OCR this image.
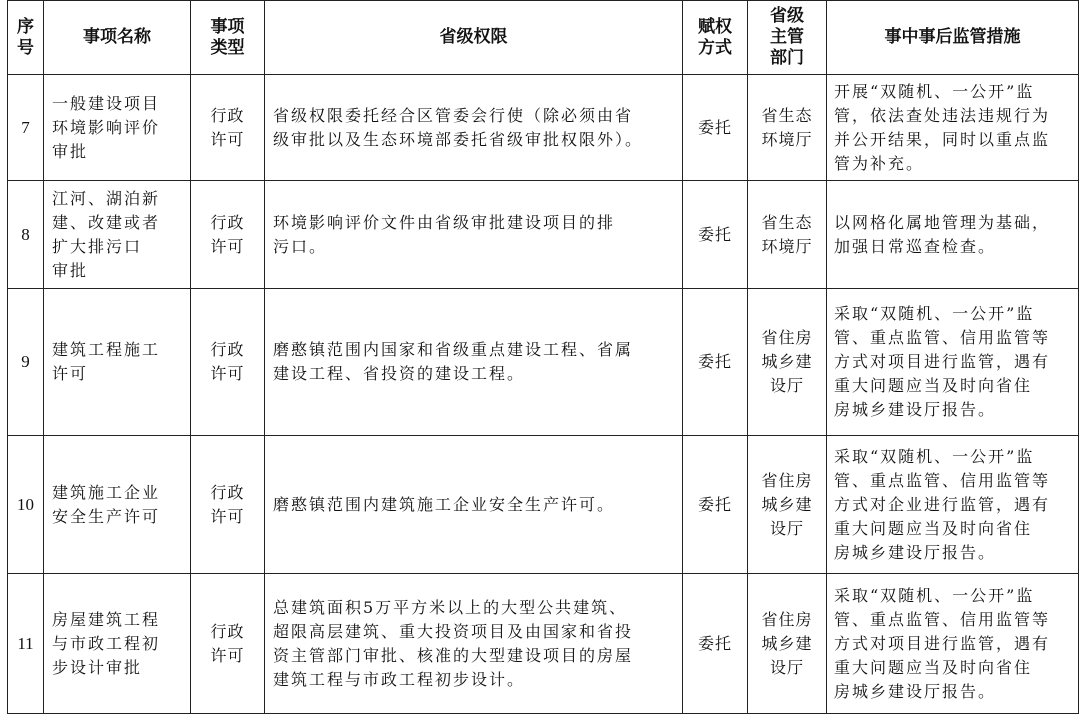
序
号	事项名称	事项
类型	省级权限	赋权
方式	省级
主管
部门	事中事后监管措施
7	一般建设项目
环境影响评价
审批	行政
许可	省级权限委托经合区管委会行使（除必须由省
级审批以及生态环境部委托省级审批权限外）。	委托	省生态
环境厅	开展“双随机、一公开”监
管，依法查处违法违规行为
并公开结果，同时以重点监
管为补充。

8	江河、湖泊新
建、改建或者
扩大排污口
审批	行政
许可	环境影响评价文件由省级审批建设项目的排
污口。	委托	省生态
环境厅	以网格化属地管理为基础，
加强日常巡查检查。

9	建筑工程施工
许可	行政
许可	磨憨镇范围内国家和省级重点建设工程、省属
建设工程、省投资的建设工程。	委托	省住房
城乡建
设厅	采取“双随机、一公开”监
管、重点监管、信用监管等
方式对项目进行监管，遇有
重大问题应当及时向省住
房城乡建设厅报告。

10	建筑施工企业
安全生产许可	行政
许可	磨憨镇范围内建筑施工企业安全生产许可。	委托	省住房
城乡建
设厅	采取“双随机、一公开”监
管、重点监管、信用监管等
方式对企业进行监管，遇有
重大问题应当及时向省住
房城乡建设厅报告。

11	房屋建筑工程
与市政工程初
步设计审批	行政
许可	总建筑面积5万平方米以上的大型公共建筑、
超限高层建筑、重大投资项目及由国家和省投
资主管部门审批、核准的大型建设项目的房屋
建筑工程与市政工程初步设计。	委托	省住房
城乡建
设厅	采取“双随机、一公开”监
管、重点监管、信用监管等
方式对项目进行监管，遇有
重大问题应当及时向省住
房城乡建设厅报告。
